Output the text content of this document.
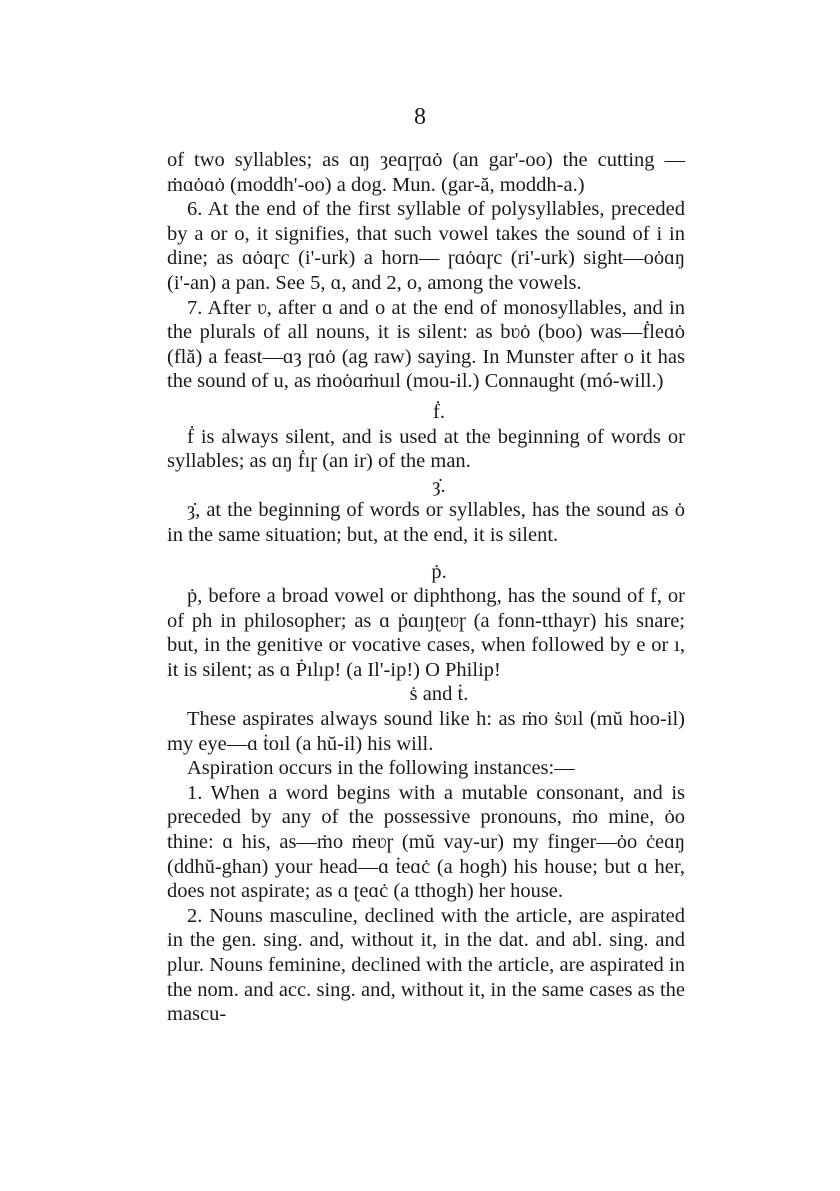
8

of two syllables; as ɑŋ ȝeɑɼɼɑȯ (an gar'-oo) the cutting —ṁɑȯɑȯ (moddh'-oo) a dog. Mun. (gar-ă, moddh-a.)

6. At the end of the first syllable of polysyllables, preceded by a or o, it signifies, that such vowel takes the sound of i in dine; as ɑȯɑɼc (i'-urk) a horn— ɼɑȯɑɼc (ri'-urk) sight—oȯɑŋ (i'-an) a pan. See 5, ɑ, and 2, o, among the vowels.

7. After ʋ, after ɑ and o at the end of monosyllables, and in the plurals of all nouns, it is silent: as bʋȯ (boo) was—ḟleɑȯ (flă) a feast—ɑȝ ɼɑȯ (ag raw) saying. In Munster after o it has the sound of u, as ṁoȯɑṁuıl (mou-il.) Connaught (mó-will.)

ḟ.

ḟ is always silent, and is used at the beginning of words or syllables; as ɑŋ ḟıɼ (an ir) of the man.

ȝ̇.

ȝ̇, at the beginning of words or syllables, has the sound as ȯ in the same situation; but, at the end, it is silent.

ṗ.

ṗ, before a broad vowel or diphthong, has the sound of f, or of ph in philosopher; as ɑ ṗɑıŋʈeʋɼ (a fonn-tthayr) his snare; but, in the genitive or vocative cases, when followed by e or ı, it is silent; as ɑ Ṗılıp! (a Il'-ip!) O Philip!

ṡ and ṫ.

These aspirates always sound like h: as ṁo ṡʋıl (mŭ hoo-il) my eye—ɑ ṫoıl (a hŭ-il) his will.

Aspiration occurs in the following instances:—

1. When a word begins with a mutable consonant, and is preceded by any of the possessive pronouns, ṁo mine, ȯo thine: ɑ his, as—ṁo ṁeʋɼ (mŭ vay-ur) my finger—ȯo ċeɑŋ (ddhŭ-ghan) your head—ɑ ṫeɑċ (a hogh) his house; but ɑ her, does not aspirate; as ɑ ʈeɑċ (a tthogh) her house.

2. Nouns masculine, declined with the article, are aspirated in the gen. sing. and, without it, in the dat. and abl. sing. and plur. Nouns feminine, declined with the article, are aspirated in the nom. and acc. sing. and, without it, in the same cases as the mascu-
